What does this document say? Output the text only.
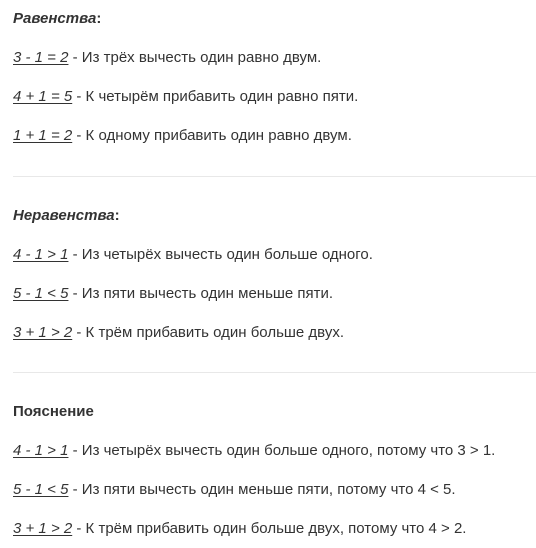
Равенства:
3 - 1 = 2 - Из трёх вычесть один равно двум.
4 + 1 = 5 - К четырём прибавить один равно пяти.
1 + 1 = 2 - К одному прибавить один равно двум.
Неравенства:
4 - 1 > 1 - Из четырёх вычесть один больше одного.
5 - 1 < 5 - Из пяти вычесть один меньше пяти.
3 + 1 > 2 - К трём прибавить один больше двух.
Пояснение
4 - 1 > 1 - Из четырёх вычесть один больше одного, потому что 3 > 1.
5 - 1 < 5 - Из пяти вычесть один меньше пяти, потому что 4 < 5.
3 + 1 > 2 - К трём прибавить один больше двух, потому что 4 > 2.
